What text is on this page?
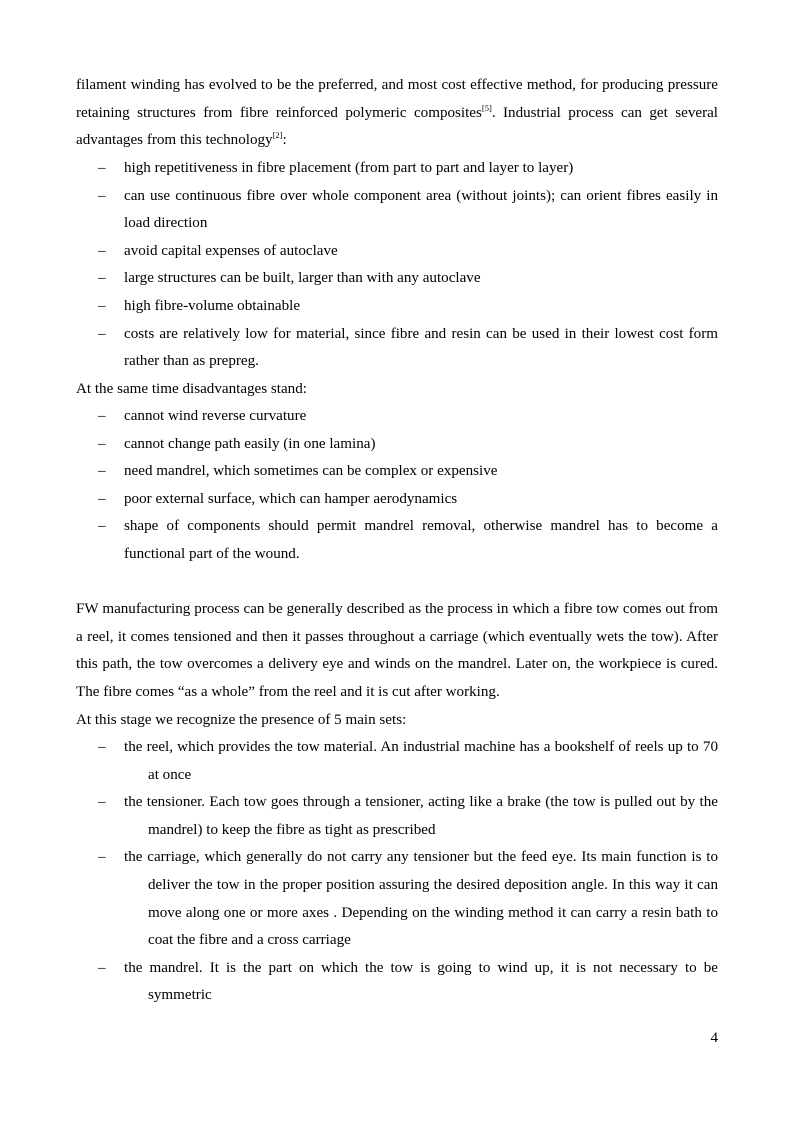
filament winding has evolved to be the preferred, and most cost effective method, for producing pressure retaining structures from fibre reinforced polymeric composites[5]. Industrial process can get several advantages from this technology[2]:
– high repetitiveness in fibre placement (from part to part and layer to layer)
– can use continuous fibre over whole component area (without joints); can orient fibres easily in load direction
– avoid capital expenses of autoclave
– large structures can be built, larger than with any autoclave
– high fibre-volume obtainable
– costs are relatively low for material, since fibre and resin can be used in their lowest cost form rather than as prepreg.
At the same time disadvantages stand:
– cannot wind reverse curvature
– cannot change path easily (in one lamina)
– need mandrel, which sometimes can be complex or expensive
– poor external surface, which can hamper aerodynamics
– shape of components should permit mandrel removal, otherwise mandrel has to become a functional part of the wound.
FW manufacturing process can be generally described as the process in which a fibre tow comes out from a reel, it comes tensioned and then it passes throughout a carriage (which eventually wets the tow). After this path, the tow overcomes a delivery eye and winds on the mandrel. Later on, the workpiece is cured. The fibre comes “as a whole” from the reel and it is cut after working.
At this stage we recognize the presence of 5 main sets:
– the reel, which provides the tow material. An industrial machine has a bookshelf of reels up to 70 at once
– the tensioner. Each tow goes through a tensioner, acting like a brake (the tow is pulled out by the mandrel) to keep the fibre as tight as prescribed
– the carriage, which generally do not carry any tensioner but the feed eye. Its main function is to deliver the tow in the proper position assuring the desired deposition angle. In this way it can move along one or more axes . Depending on the winding method it can carry a resin bath to coat the fibre and a cross carriage
– the mandrel. It is the part on which the tow is going to wind up, it is not necessary to be symmetric
4
